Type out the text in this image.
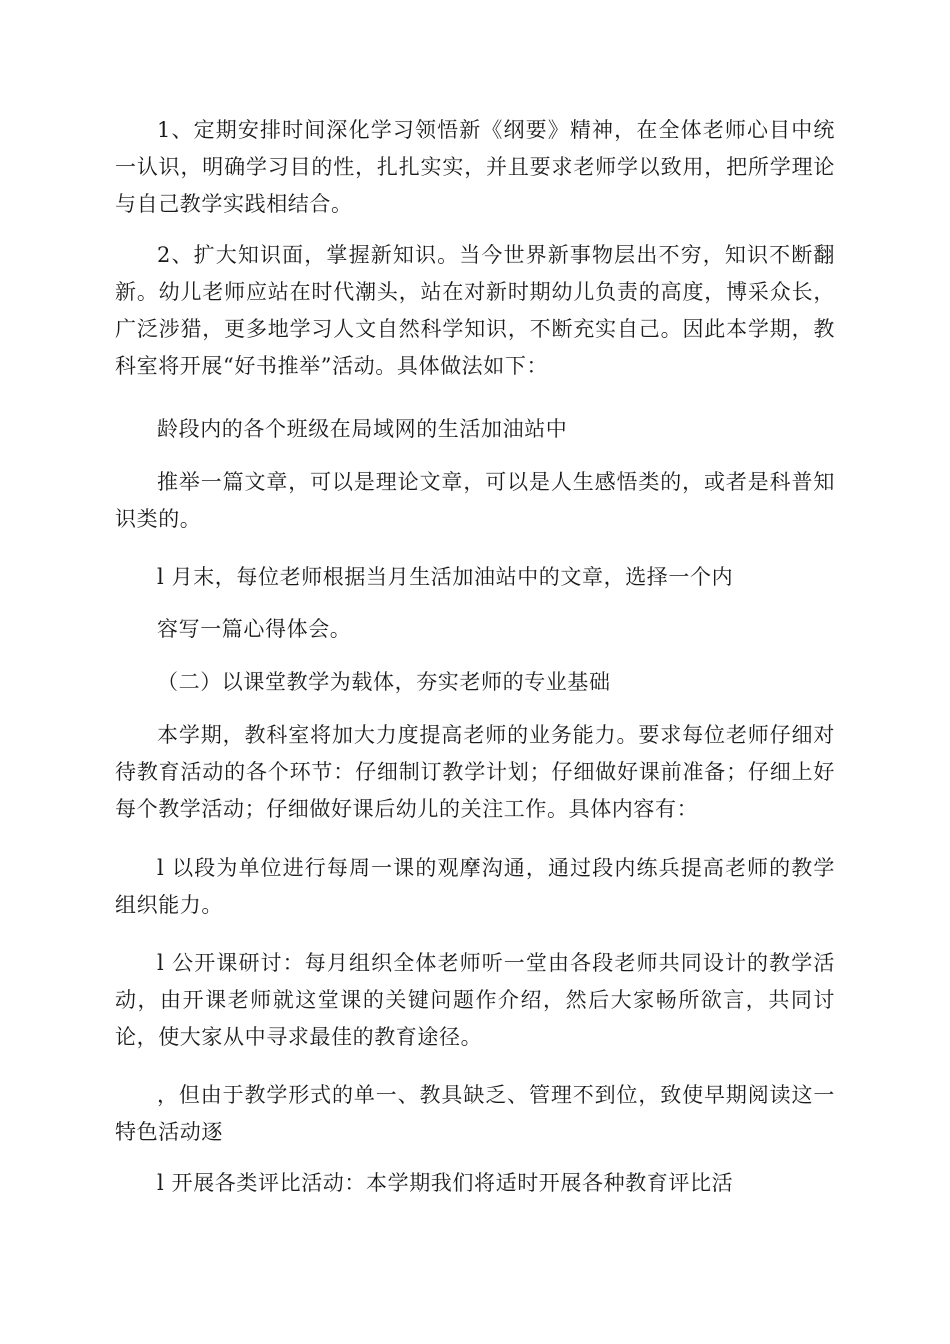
1、定期安排时间深化学习领悟新《纲要》精神，在全体老师心目中统一认识，明确学习目的性，扎扎实实，并且要求老师学以致用，把所学理论与自己教学实践相结合。

2、扩大知识面，掌握新知识。当今世界新事物层出不穷，知识不断翻新。幼儿老师应站在时代潮头，站在对新时期幼儿负责的高度，博采众长，广泛涉猎，更多地学习人文自然科学知识，不断充实自己。因此本学期，教科室将开展“好书推举”活动。具体做法如下：

龄段内的各个班级在局域网的生活加油站中

推举一篇文章，可以是理论文章，可以是人生感悟类的，或者是科普知识类的。

l 月末，每位老师根据当月生活加油站中的文章，选择一个内

容写一篇心得体会。

（二）以课堂教学为载体，夯实老师的专业基础

本学期，教科室将加大力度提高老师的业务能力。要求每位老师仔细对待教育活动的各个环节：仔细制订教学计划；仔细做好课前准备；仔细上好每个教学活动；仔细做好课后幼儿的关注工作。具体内容有：

l 以段为单位进行每周一课的观摩沟通，通过段内练兵提高老师的教学组织能力。

l 公开课研讨：每月组织全体老师听一堂由各段老师共同设计的教学活动，由开课老师就这堂课的关键问题作介绍，然后大家畅所欲言，共同讨论，使大家从中寻求最佳的教育途径。

，但由于教学形式的单一、教具缺乏、管理不到位，致使早期阅读这一特色活动逐

l 开展各类评比活动：本学期我们将适时开展各种教育评比活
